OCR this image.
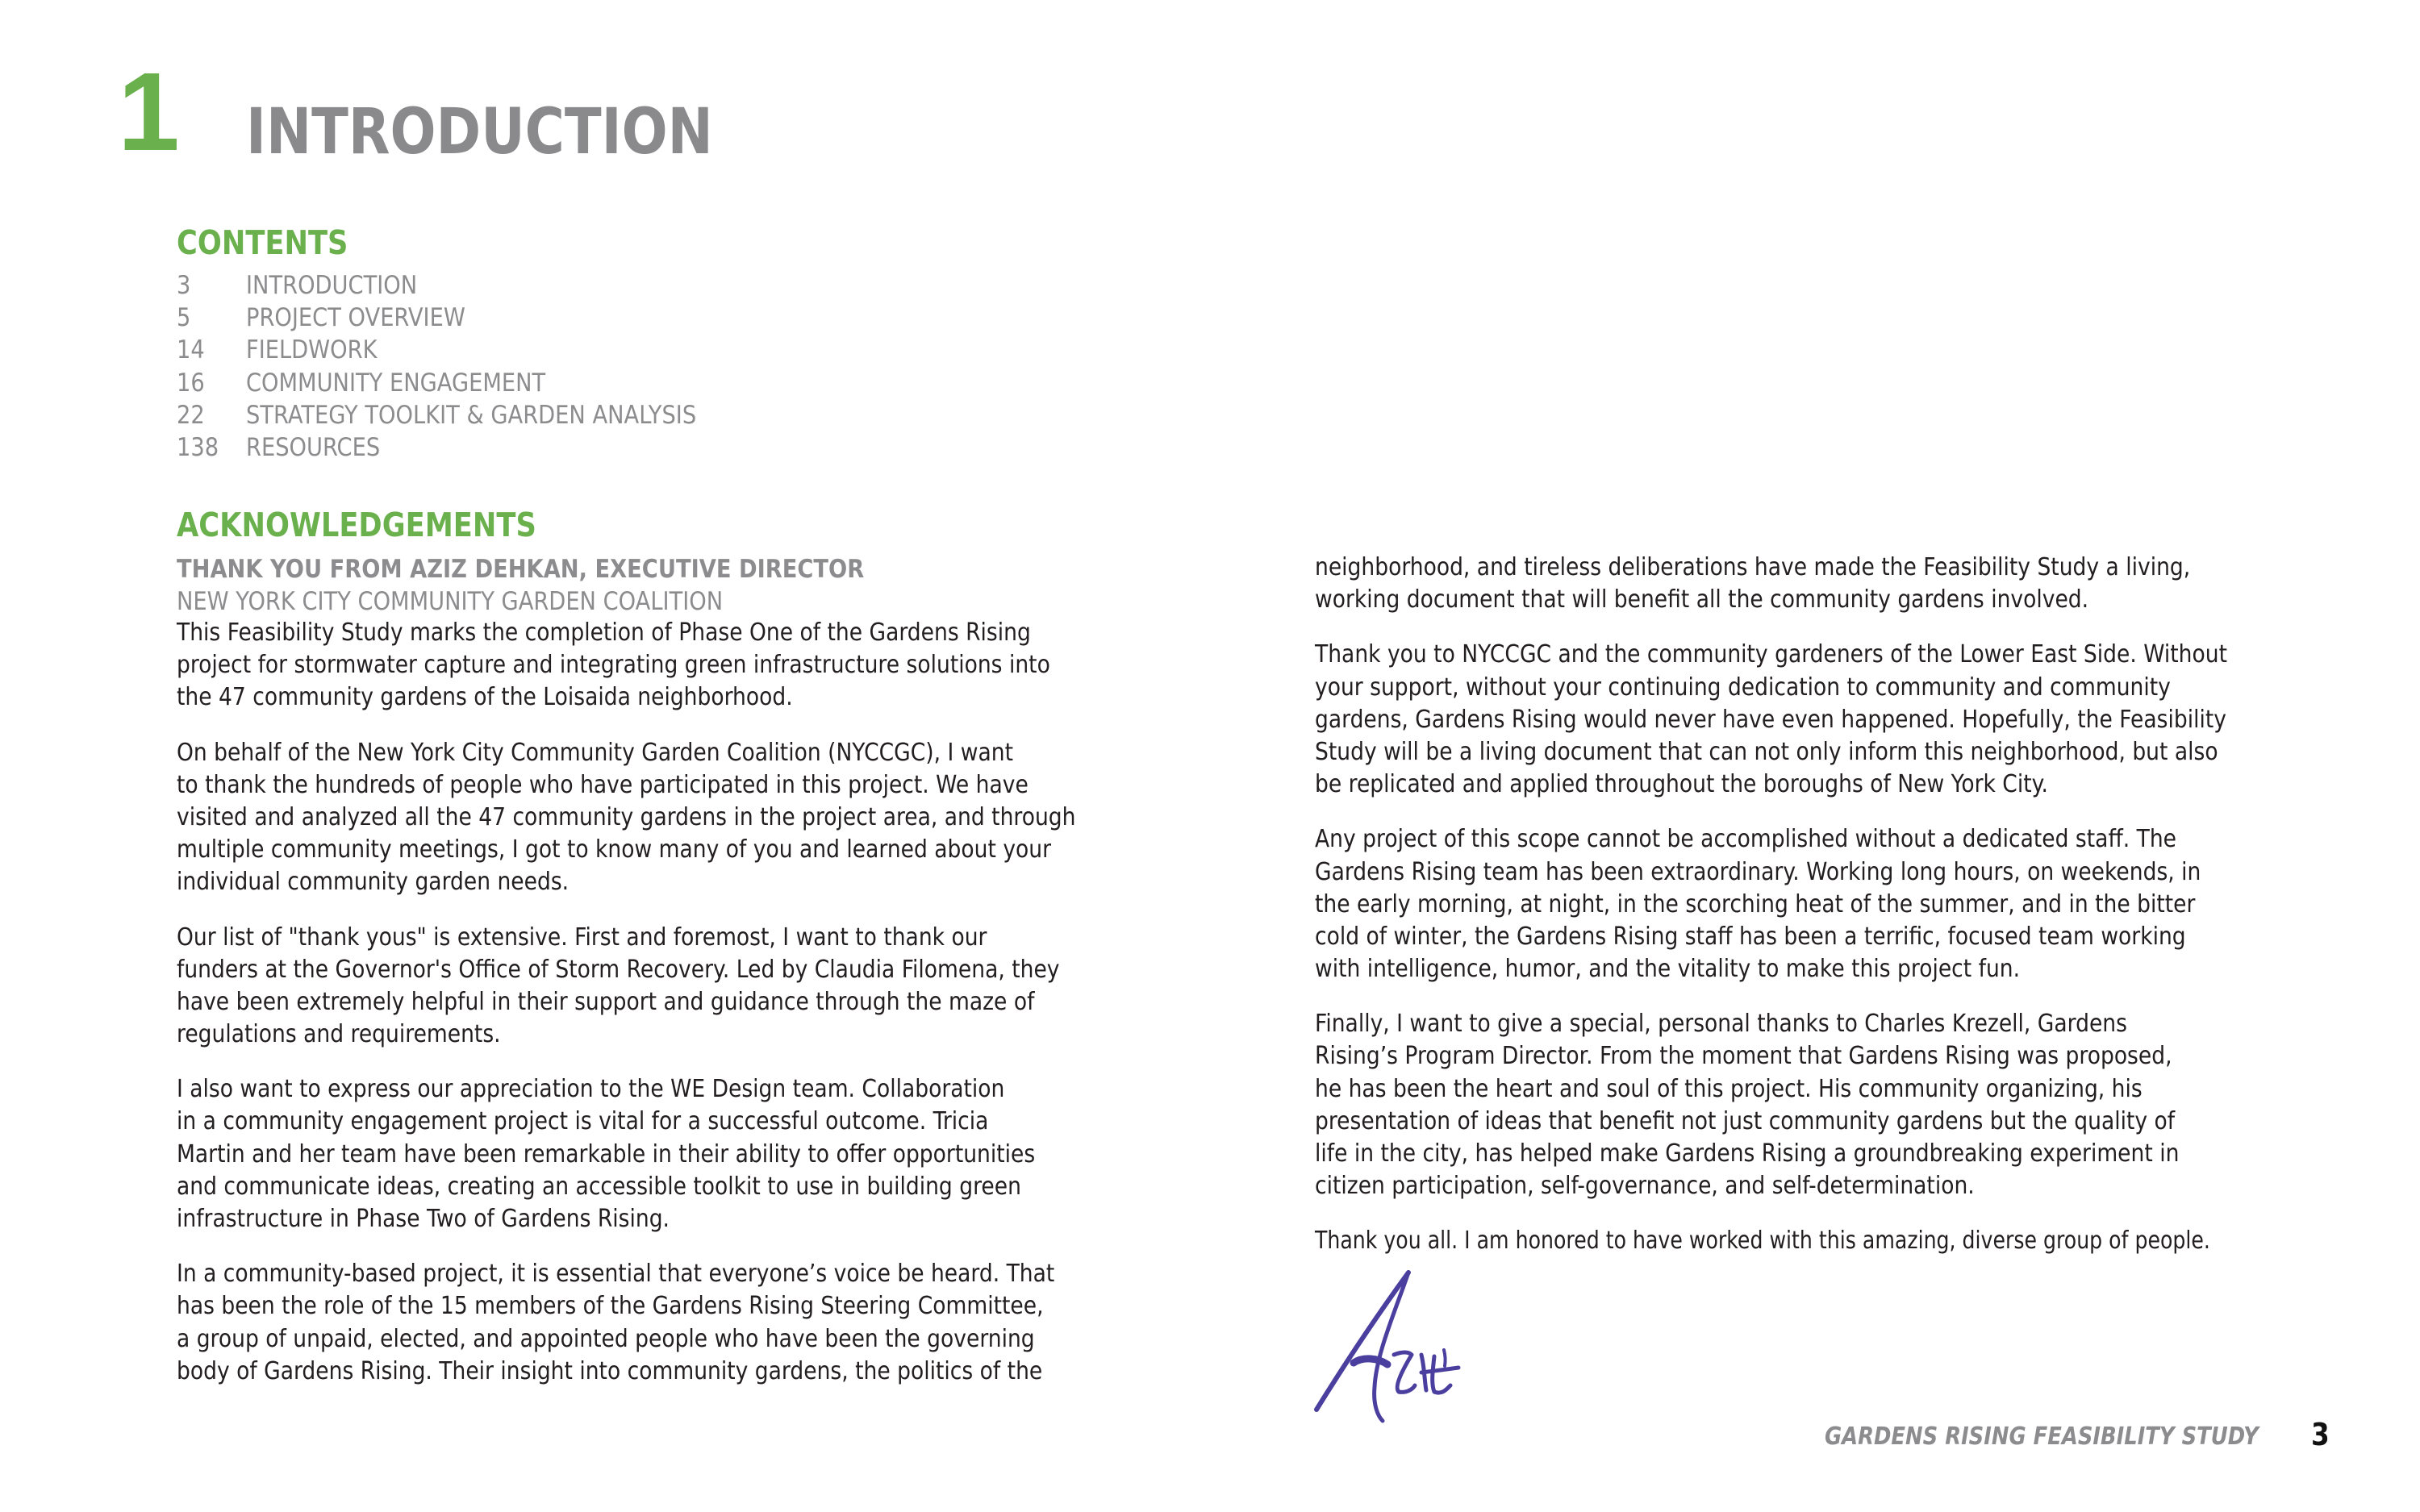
1 INTRODUCTION
CONTENTS
3 INTRODUCTION
5 PROJECT OVERVIEW
14 FIELDWORK
16 COMMUNITY ENGAGEMENT
22 STRATEGY TOOLKIT & GARDEN ANALYSIS
138 RESOURCES
ACKNOWLEDGEMENTS
THANK YOU FROM AZIZ DEHKAN, EXECUTIVE DIRECTOR
NEW YORK CITY COMMUNITY GARDEN COALITION
This Feasibility Study marks the completion of Phase One of the Gardens Rising
project for stormwater capture and integrating green infrastructure solutions into
the 47 community gardens of the Loisaida neighborhood.
On behalf of the New York City Community Garden Coalition (NYCCGC), I want
to thank the hundreds of people who have participated in this project. We have
visited and analyzed all the 47 community gardens in the project area, and through
multiple community meetings, I got to know many of you and learned about your
individual community garden needs.
Our list of "thank yous" is extensive. First and foremost, I want to thank our
funders at the Governor's Office of Storm Recovery. Led by Claudia Filomena, they
have been extremely helpful in their support and guidance through the maze of
regulations and requirements.
I also want to express our appreciation to the WE Design team. Collaboration
in a community engagement project is vital for a successful outcome. Tricia
Martin and her team have been remarkable in their ability to offer opportunities
and communicate ideas, creating an accessible toolkit to use in building green
infrastructure in Phase Two of Gardens Rising.
In a community-based project, it is essential that everyone’s voice be heard. That
has been the role of the 15 members of the Gardens Rising Steering Committee,
a group of unpaid, elected, and appointed people who have been the governing
body of Gardens Rising. Their insight into community gardens, the politics of the
neighborhood, and tireless deliberations have made the Feasibility Study a living,
working document that will benefit all the community gardens involved.
Thank you to NYCCGC and the community gardeners of the Lower East Side. Without
your support, without your continuing dedication to community and community
gardens, Gardens Rising would never have even happened. Hopefully, the Feasibility
Study will be a living document that can not only inform this neighborhood, but also
be replicated and applied throughout the boroughs of New York City.
Any project of this scope cannot be accomplished without a dedicated staff. The
Gardens Rising team has been extraordinary. Working long hours, on weekends, in
the early morning, at night, in the scorching heat of the summer, and in the bitter
cold of winter, the Gardens Rising staff has been a terrific, focused team working
with intelligence, humor, and the vitality to make this project fun.
Finally, I want to give a special, personal thanks to Charles Krezell, Gardens
Rising’s Program Director. From the moment that Gardens Rising was proposed,
he has been the heart and soul of this project. His community organizing, his
presentation of ideas that benefit not just community gardens but the quality of
life in the city, has helped make Gardens Rising a groundbreaking experiment in
citizen participation, self-governance, and self-determination.
Thank you all. I am honored to have worked with this amazing, diverse group of people.
GARDENS RISING FEASIBILITY STUDY 3
